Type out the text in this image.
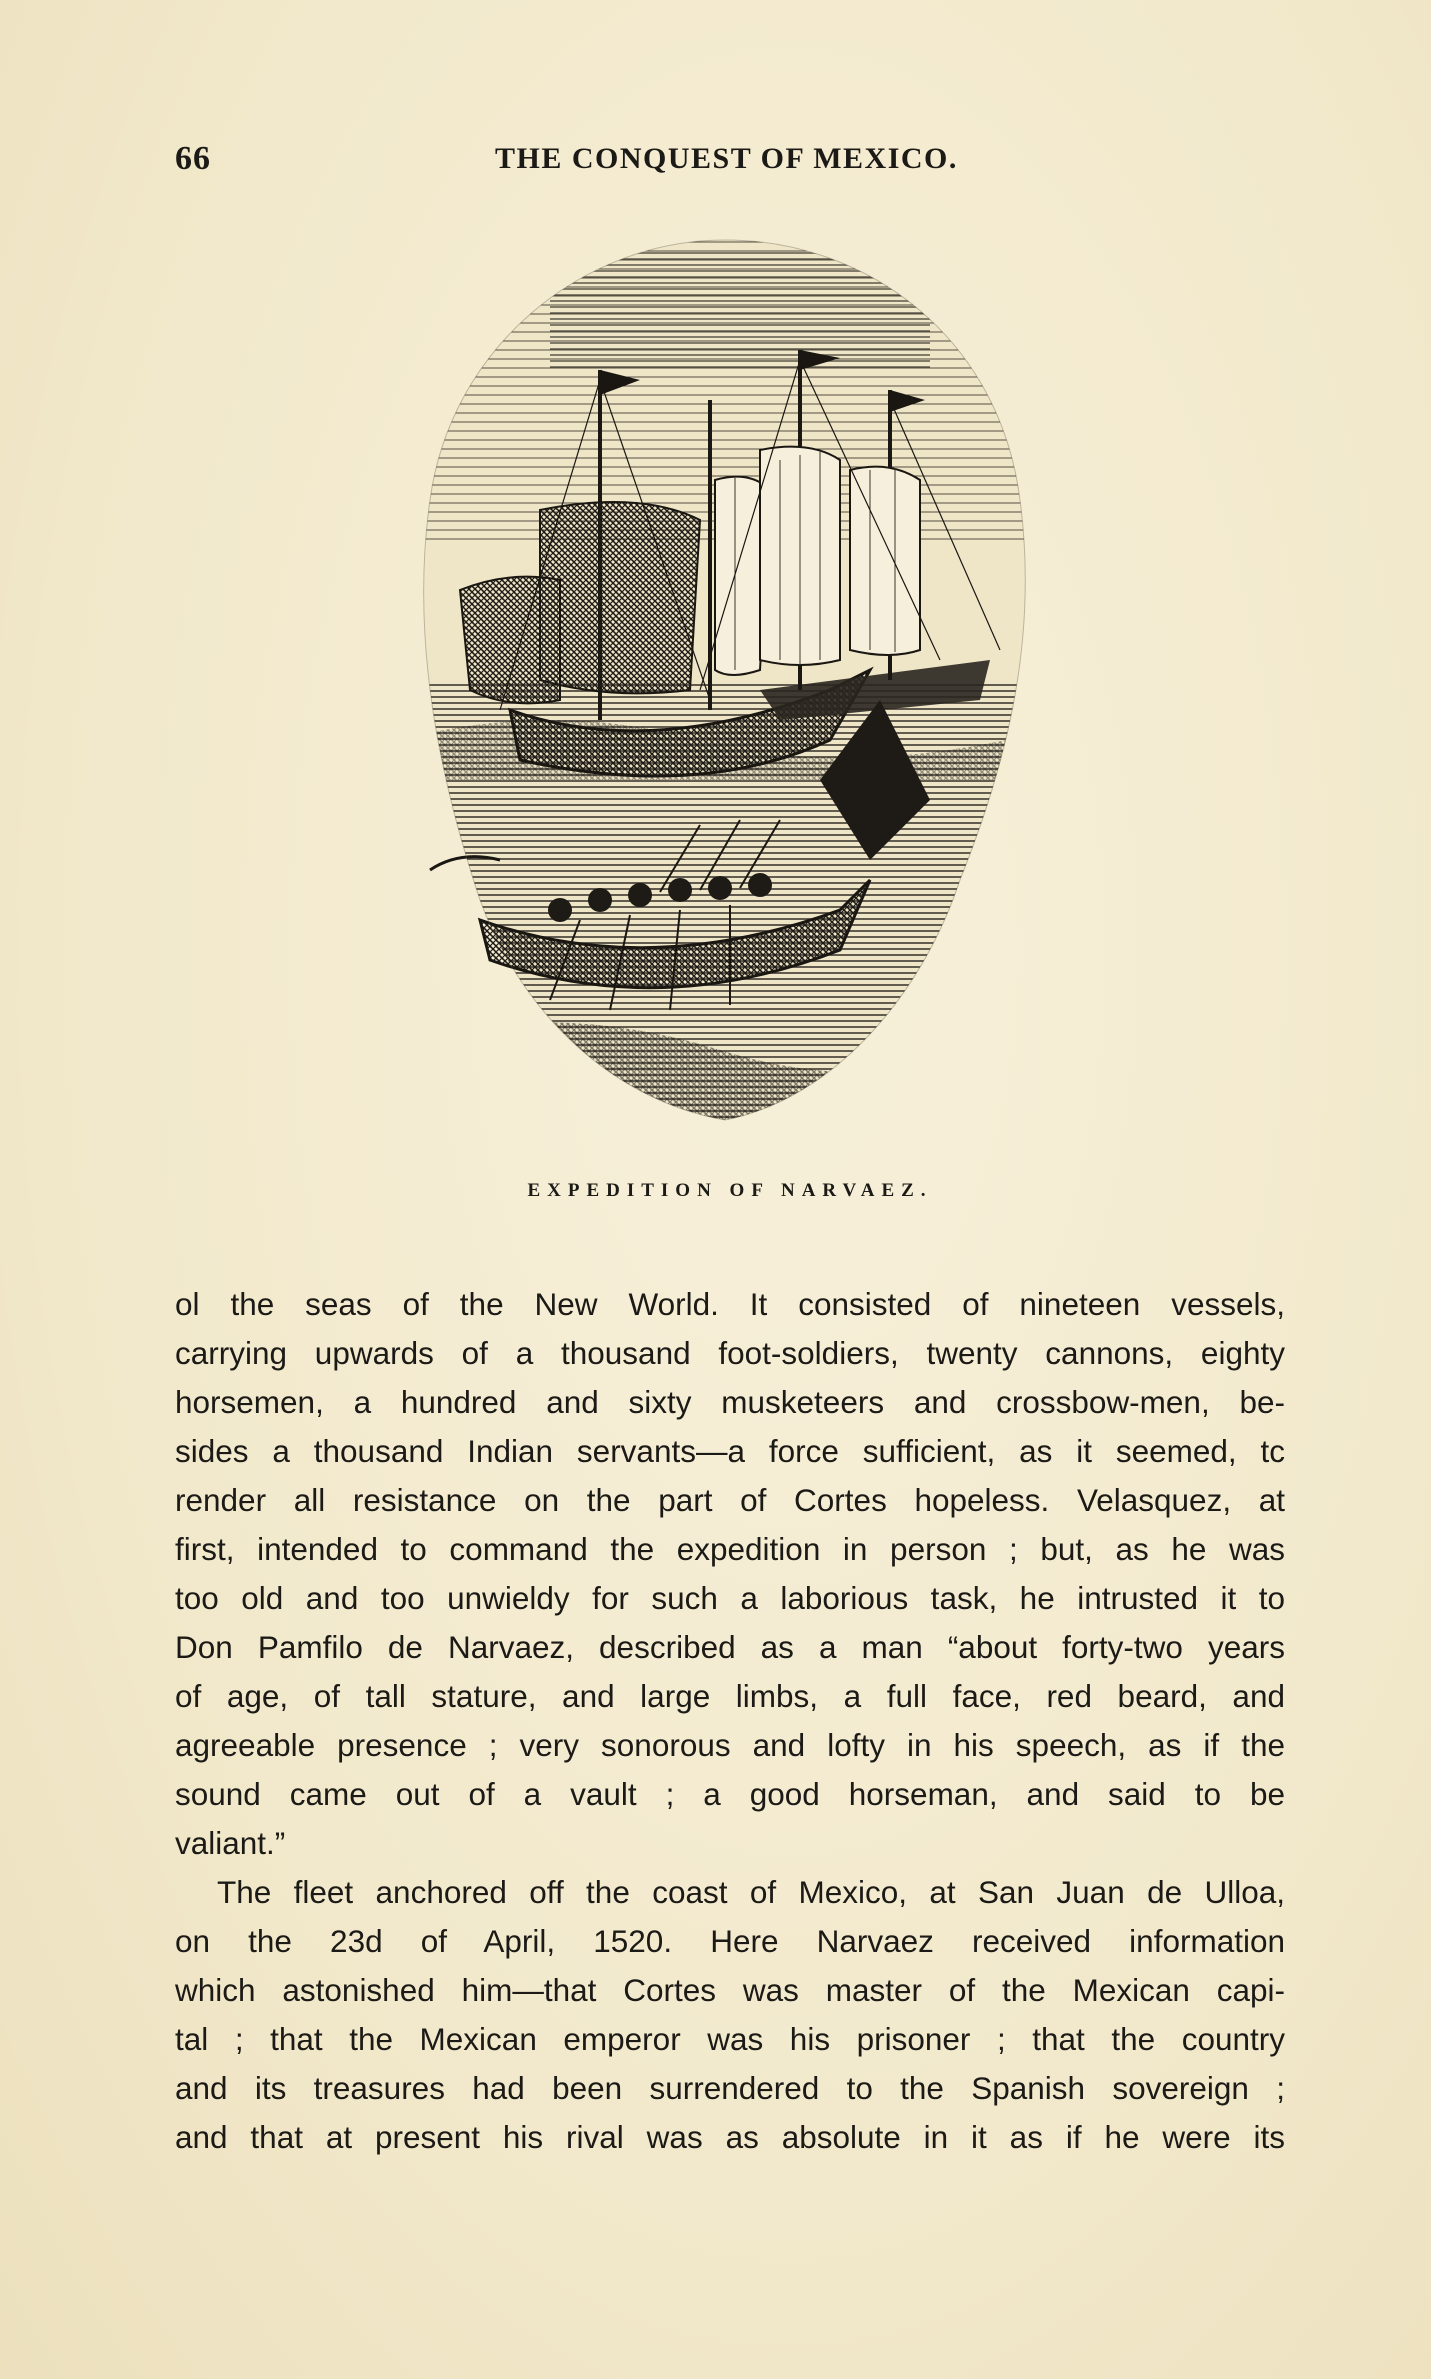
66	THE CONQUEST OF MEXICO.
EXPEDITION OF NARVAEZ.
ol the seas of the New World. It consisted of nineteen vessels,
carrying upwards of a thousand foot-soldiers, twenty cannons, eighty
horsemen, a hundred and sixty musketeers and crossbow-men, be-
sides a thousand Indian servants—a force sufficient, as it seemed, tc
render all resistance on the part of Cortes hopeless. Velasquez, at
first, intended to command the expedition in person ; but, as he was
too old and too unwieldy for such a laborious task, he intrusted it to
Don Pamfilo de Narvaez, described as a man “about forty-two years
of age, of tall stature, and large limbs, a full face, red beard, and
agreeable presence ; very sonorous and lofty in his speech, as if the
sound came out of a vault ; a good horseman, and said to be
valiant.”
The fleet anchored off the coast of Mexico, at San Juan de Ulloa,
on the 23d of April, 1520. Here Narvaez received information
which astonished him—that Cortes was master of the Mexican capi-
tal ; that the Mexican emperor was his prisoner ; that the country
and its treasures had been surrendered to the Spanish sovereign ;
and that at present his rival was as absolute in it as if he were its
